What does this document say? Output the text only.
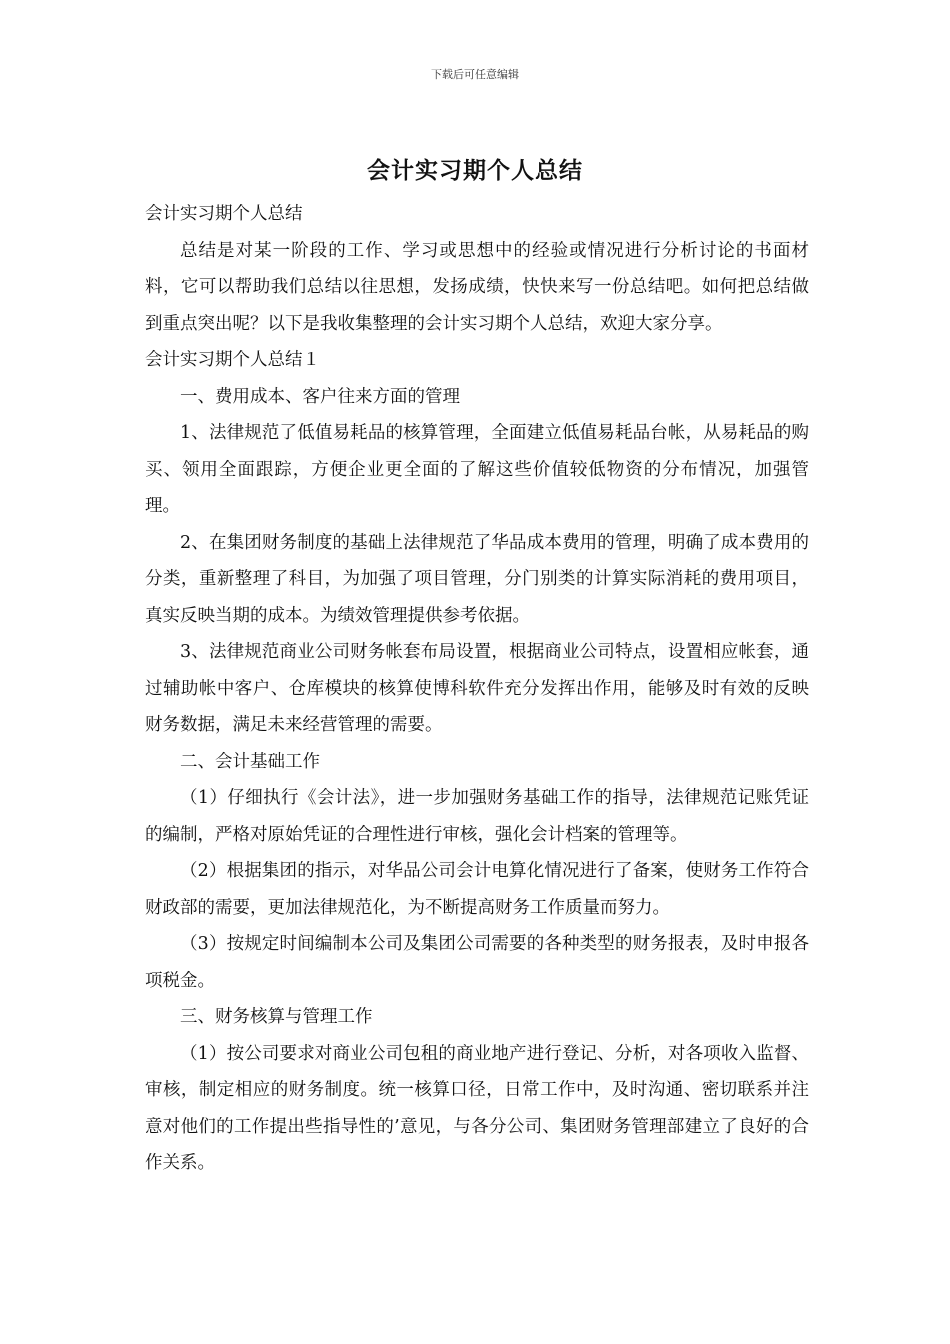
下载后可任意编辑
会计实习期个人总结

会计实习期个人总结

总结是对某一阶段的工作、学习或思想中的经验或情况进行分析讨论的书面材料，它可以帮助我们总结以往思想，发扬成绩，快快来写一份总结吧。如何把总结做到重点突出呢？以下是我收集整理的会计实习期个人总结，欢迎大家分享。

会计实习期个人总结１

一、费用成本、客户往来方面的管理

1、法律规范了低值易耗品的核算管理，全面建立低值易耗品台帐，从易耗品的购买、领用全面跟踪，方便企业更全面的了解这些价值较低物资的分布情况，加强管理。

2、在集团财务制度的基础上法律规范了华品成本费用的管理，明确了成本费用的分类，重新整理了科目，为加强了项目管理，分门别类的计算实际消耗的费用项目，真实反映当期的成本。为绩效管理提供参考依据。

3、法律规范商业公司财务帐套布局设置，根据商业公司特点，设置相应帐套，通过辅助帐中客户、仓库模块的核算使博科软件充分发挥出作用，能够及时有效的反映财务数据，满足未来经营管理的需要。

二、会计基础工作

（1）仔细执行《会计法》，进一步加强财务基础工作的指导，法律规范记账凭证的编制，严格对原始凭证的合理性进行审核，强化会计档案的管理等。

（2）根据集团的指示，对华品公司会计电算化情况进行了备案，使财务工作符合财政部的需要，更加法律规范化，为不断提高财务工作质量而努力。

（3）按规定时间编制本公司及集团公司需要的各种类型的财务报表，及时申报各项税金。

三、财务核算与管理工作

（1）按公司要求对商业公司包租的商业地产进行登记、分析，对各项收入监督、审核，制定相应的财务制度。统一核算口径，日常工作中，及时沟通、密切联系并注意对他们的工作提出些指导性的’意见，与各分公司、集团财务管理部建立了良好的合作关系。
